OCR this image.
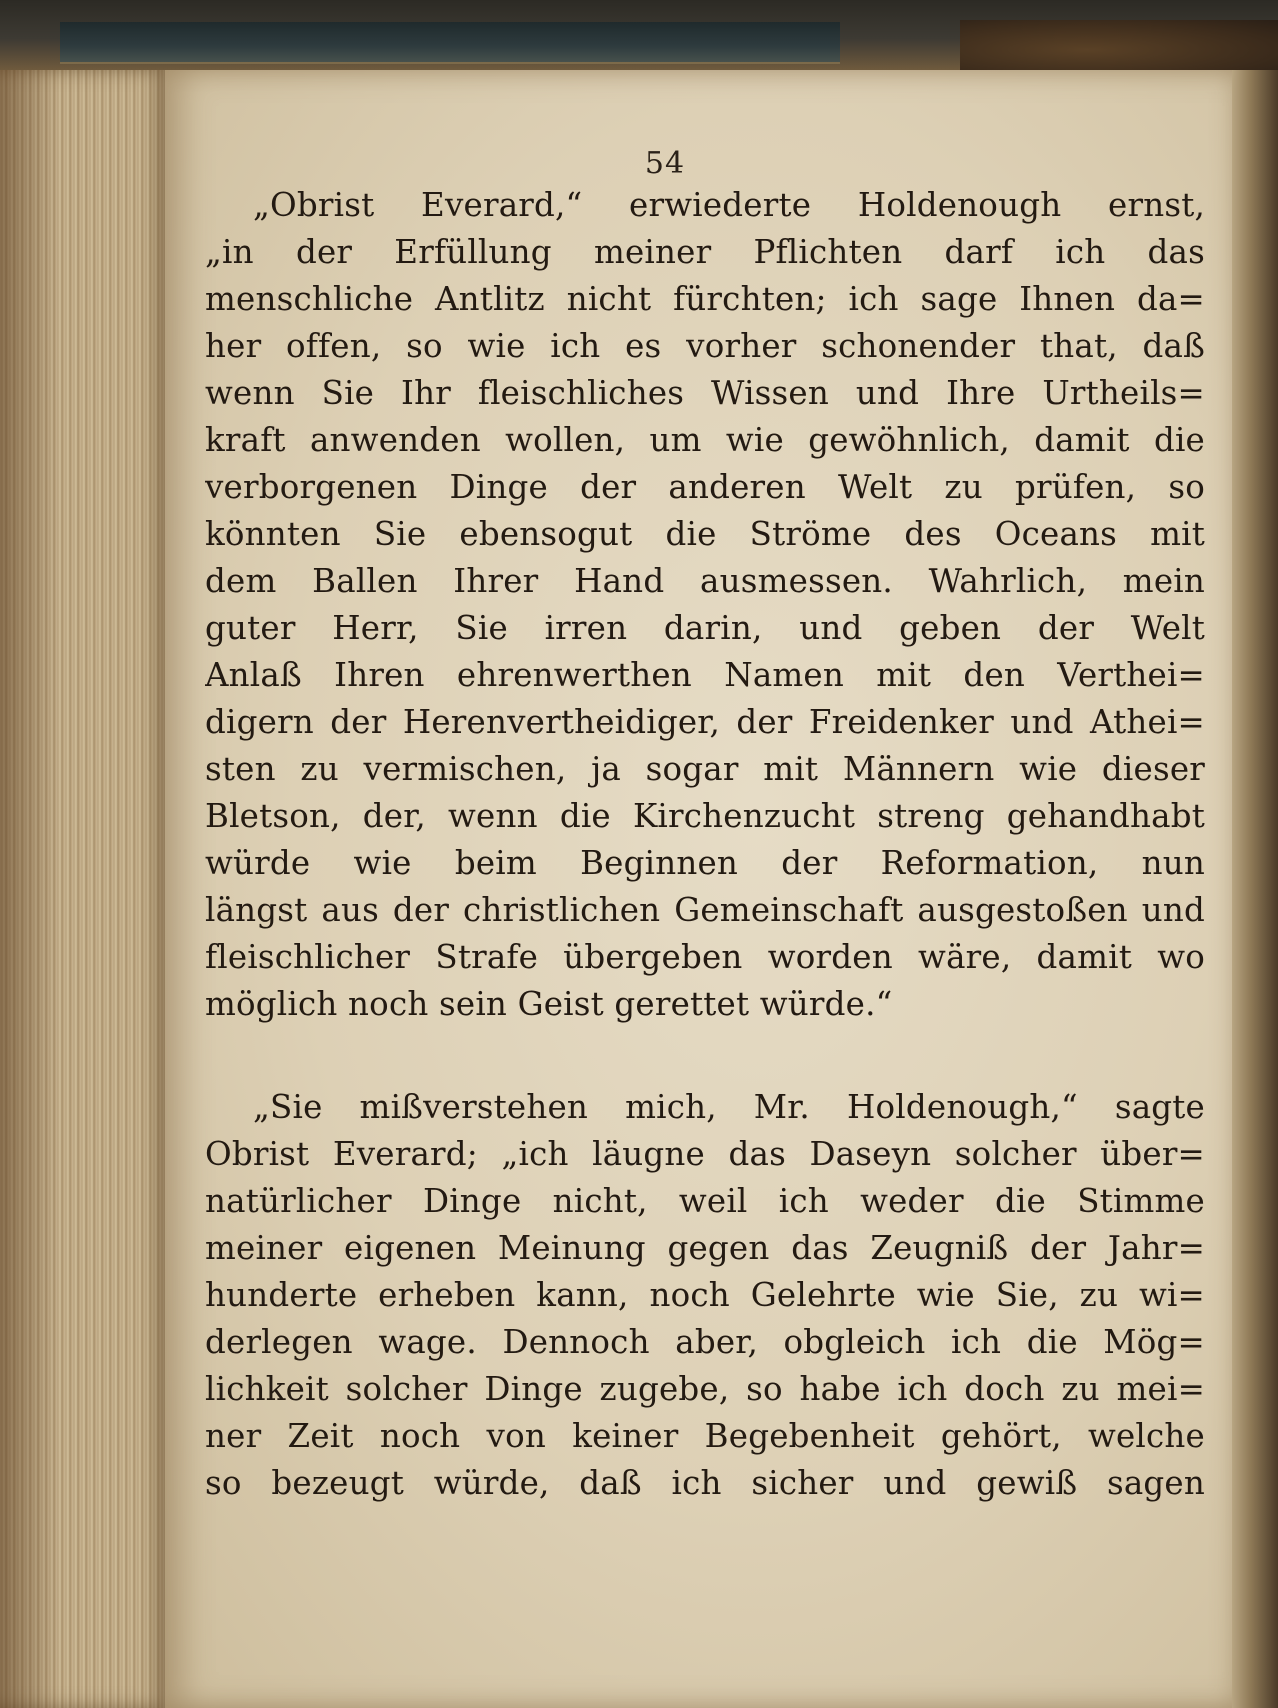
54
„Obrist Everard,“ erwiederte Holdenough ernst,
„in der Erfüllung meiner Pflichten darf ich das
menschliche Antlitz nicht fürchten; ich sage Ihnen da=
her offen, so wie ich es vorher schonender that, daß
wenn Sie Ihr fleischliches Wissen und Ihre Urtheils=
kraft anwenden wollen, um wie gewöhnlich, damit die
verborgenen Dinge der anderen Welt zu prüfen, so
könnten Sie ebensogut die Ströme des Oceans mit
dem Ballen Ihrer Hand ausmessen. Wahrlich, mein
guter Herr, Sie irren darin, und geben der Welt
Anlaß Ihren ehrenwerthen Namen mit den Verthei=
digern der Herenvertheidiger, der Freidenker und Athei=
sten zu vermischen, ja sogar mit Männern wie dieser
Bletson, der, wenn die Kirchenzucht streng gehandhabt
würde wie beim Beginnen der Reformation, nun
längst aus der christlichen Gemeinschaft ausgestoßen und
fleischlicher Strafe übergeben worden wäre, damit wo
möglich noch sein Geist gerettet würde.“
„Sie mißverstehen mich, Mr. Holdenough,“ sagte
Obrist Everard; „ich läugne das Daseyn solcher über=
natürlicher Dinge nicht, weil ich weder die Stimme
meiner eigenen Meinung gegen das Zeugniß der Jahr=
hunderte erheben kann, noch Gelehrte wie Sie, zu wi=
derlegen wage. Dennoch aber, obgleich ich die Mög=
lichkeit solcher Dinge zugebe, so habe ich doch zu mei=
ner Zeit noch von keiner Begebenheit gehört, welche
so bezeugt würde, daß ich sicher und gewiß sagen
